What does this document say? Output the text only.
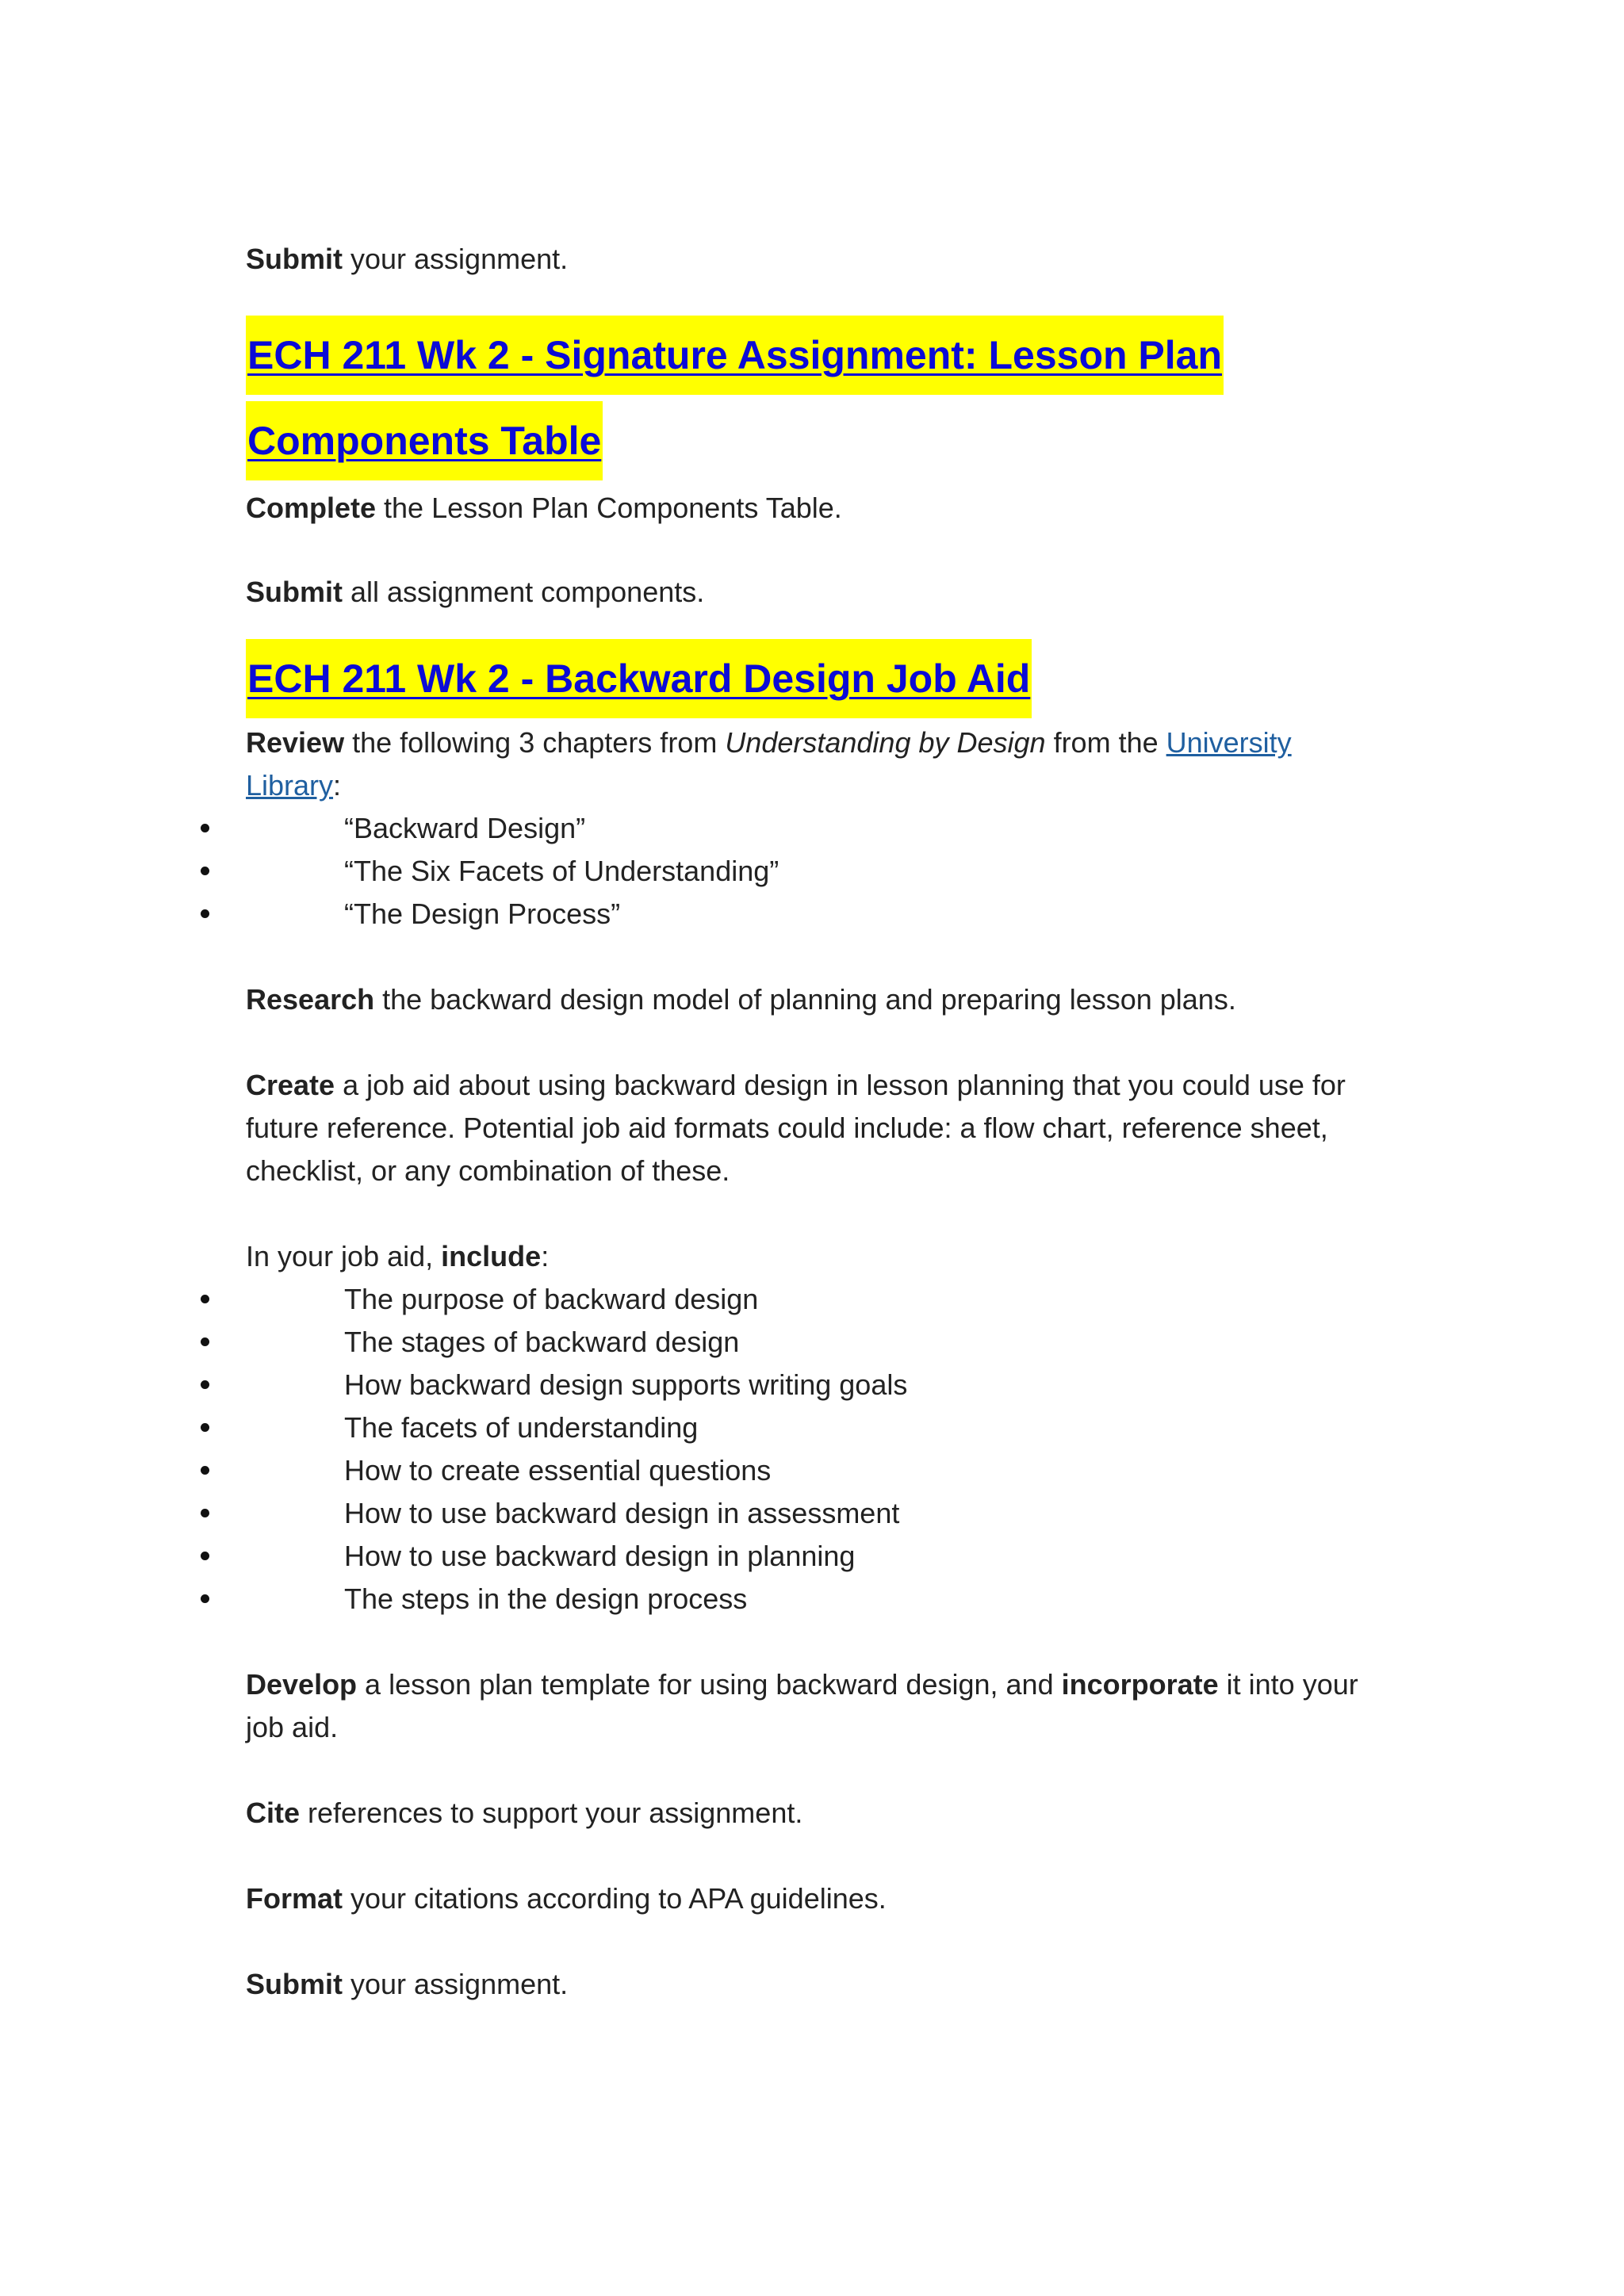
Submit your assignment.

ECH 211 Wk 2 - Signature Assignment: Lesson Plan
Components Table

Complete the Lesson Plan Components Table.

Submit all assignment components.

ECH 211 Wk 2 - Backward Design Job Aid

Review the following 3 chapters from Understanding by Design from the University Library:

“Backward Design”
“The Six Facets of Understanding”
“The Design Process”

Research the backward design model of planning and preparing lesson plans.

Create a job aid about using backward design in lesson planning that you could use for future reference. Potential job aid formats could include: a flow chart, reference sheet, checklist, or any combination of these.

In your job aid, include:

The purpose of backward design
The stages of backward design
How backward design supports writing goals
The facets of understanding
How to create essential questions
How to use backward design in assessment
How to use backward design in planning
The steps in the design process

Develop a lesson plan template for using backward design, and incorporate it into your job aid.

Cite references to support your assignment.

Format your citations according to APA guidelines.

Submit your assignment.
